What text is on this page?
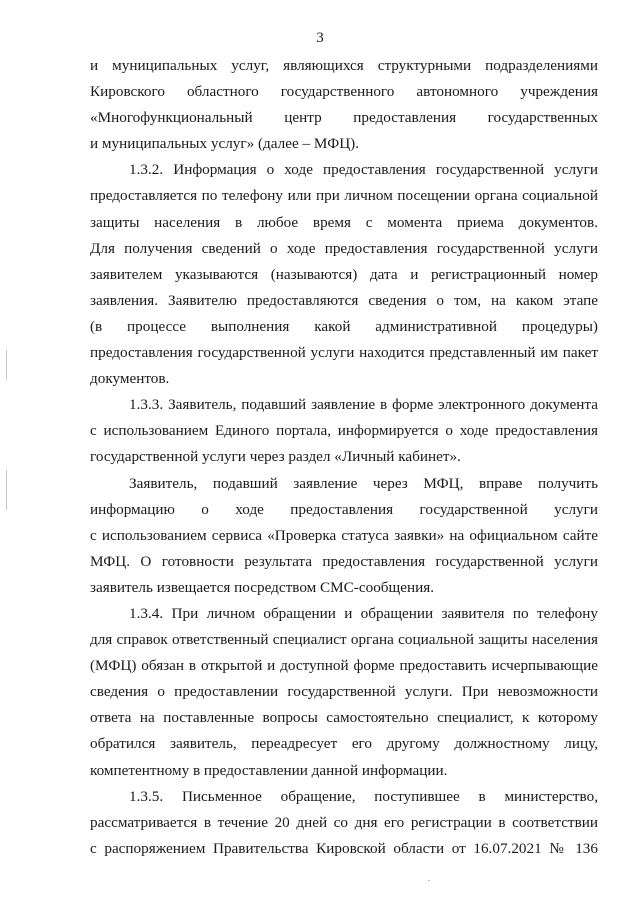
3
и муниципальных услуг, являющихся структурными подразделениями
Кировского областного государственного автономного учреждения
«Многофункциональный центр предоставления государственных
и муниципальных услуг» (далее – МФЦ).
1.3.2. Информация о ходе предоставления государственной услуги
предоставляется по телефону или при личном посещении органа социальной
защиты населения в любое время с момента приема документов.
Для получения сведений о ходе предоставления государственной услуги
заявителем указываются (называются) дата и регистрационный номер
заявления. Заявителю предоставляются сведения о том, на каком этапе
(в процессе выполнения какой административной процедуры)
предоставления государственной услуги находится представленный им пакет
документов.
1.3.3. Заявитель, подавший заявление в форме электронного документа
с использованием Единого портала, информируется о ходе предоставления
государственной услуги через раздел «Личный кабинет».
Заявитель, подавший заявление через МФЦ, вправе получить
информацию о ходе предоставления государственной услуги
с использованием сервиса «Проверка статуса заявки» на официальном сайте
МФЦ. О готовности результата предоставления государственной услуги
заявитель извещается посредством СМС-сообщения.
1.3.4. При личном обращении и обращении заявителя по телефону
для справок ответственный специалист органа социальной защиты населения
(МФЦ) обязан в открытой и доступной форме предоставить исчерпывающие
сведения о предоставлении государственной услуги. При невозможности
ответа на поставленные вопросы самостоятельно специалист, к которому
обратился заявитель, переадресует его другому должностному лицу,
компетентному в предоставлении данной информации.
1.3.5. Письменное обращение, поступившее в министерство,
рассматривается в течение 20 дней со дня его регистрации в соответствии
с распоряжением Правительства Кировской области от 16.07.2021 № 136
